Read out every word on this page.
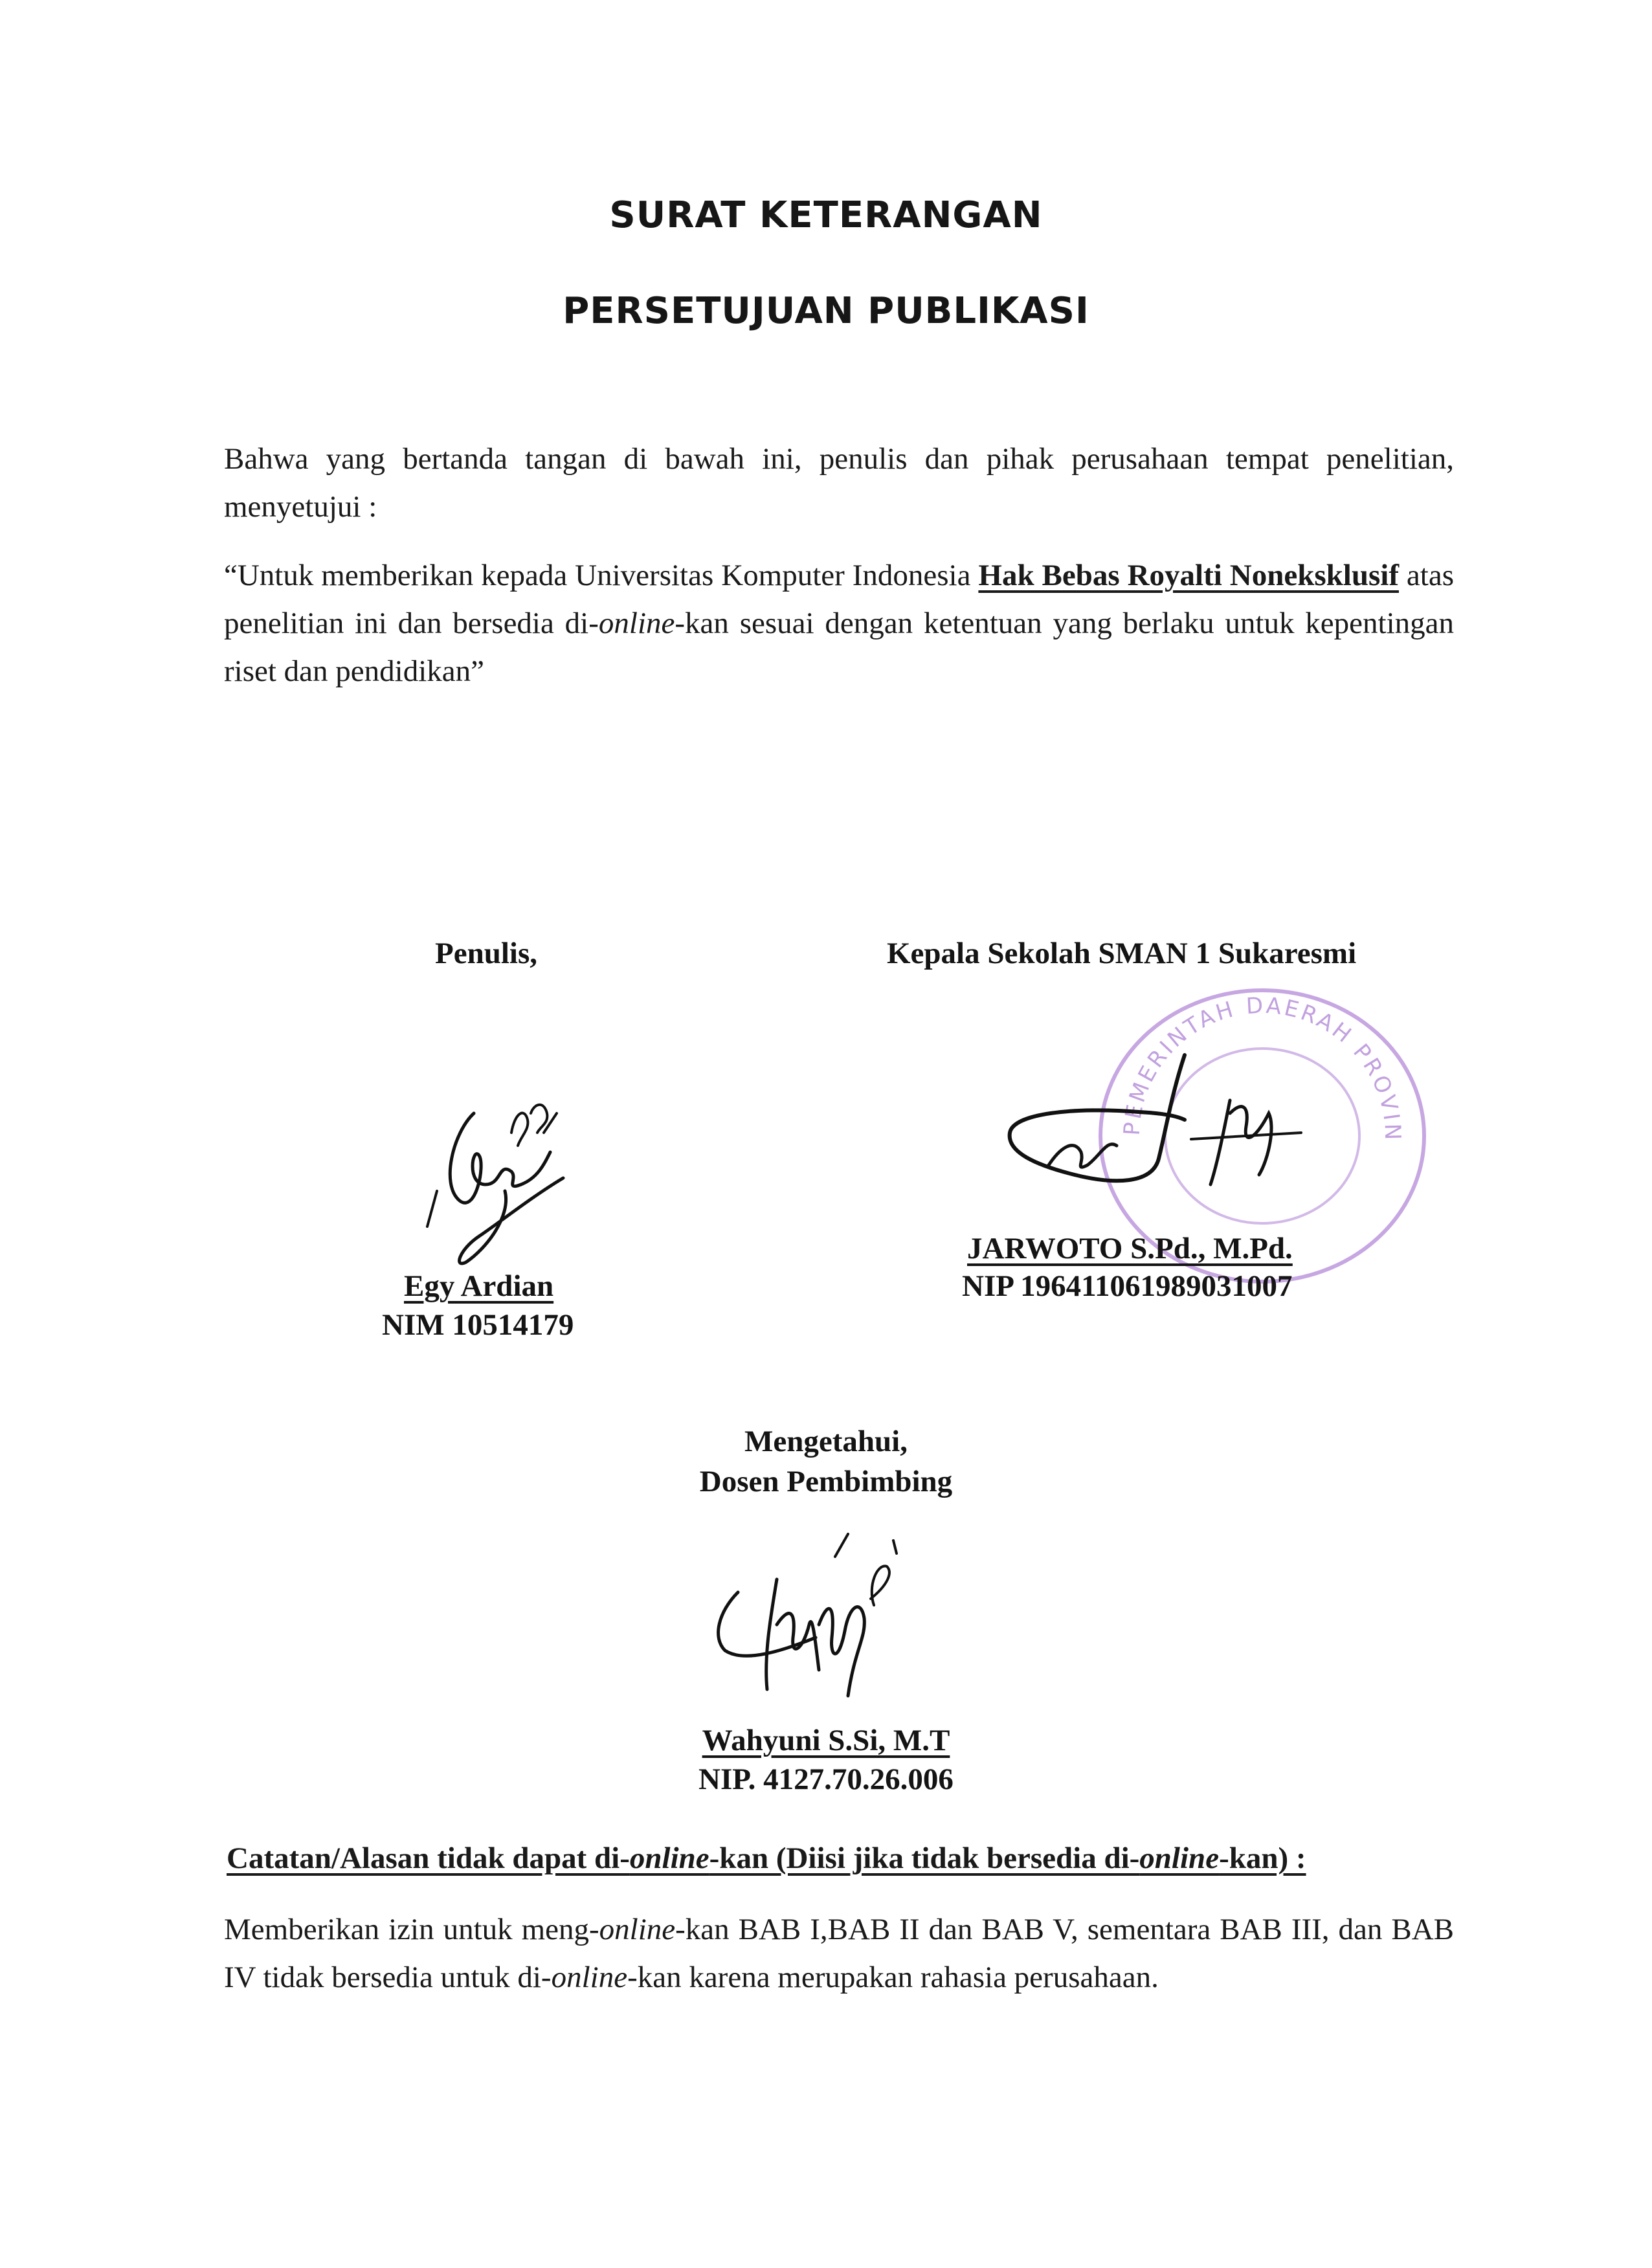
SURAT KETERANGAN
PERSETUJUAN PUBLIKASI
Bahwa yang bertanda tangan di bawah ini, penulis dan pihak perusahaan tempat penelitian, menyetujui :
“Untuk memberikan kepada Universitas Komputer Indonesia Hak Bebas Royalti Noneksklusif atas penelitian ini dan bersedia di-online-kan sesuai dengan ketentuan yang berlaku untuk kepentingan riset dan pendidikan”
Penulis,
Egy Ardian
NIM 10514179
Kepala Sekolah SMAN 1 Sukaresmi
PEMERINTAH DAERAH PROVINSI JAWA BARAT
JARWOTO S.Pd., M.Pd.
NIP 196411061989031007
Mengetahui,
Dosen Pembimbing
Wahyuni S.Si, M.T
NIP. 4127.70.26.006
Catatan/Alasan tidak dapat di-online-kan (Diisi jika tidak bersedia di-online-kan) :
Memberikan izin untuk meng-online-kan BAB I,BAB II dan BAB V, sementara BAB III, dan BAB IV tidak bersedia untuk di-online-kan karena merupakan rahasia perusahaan.
